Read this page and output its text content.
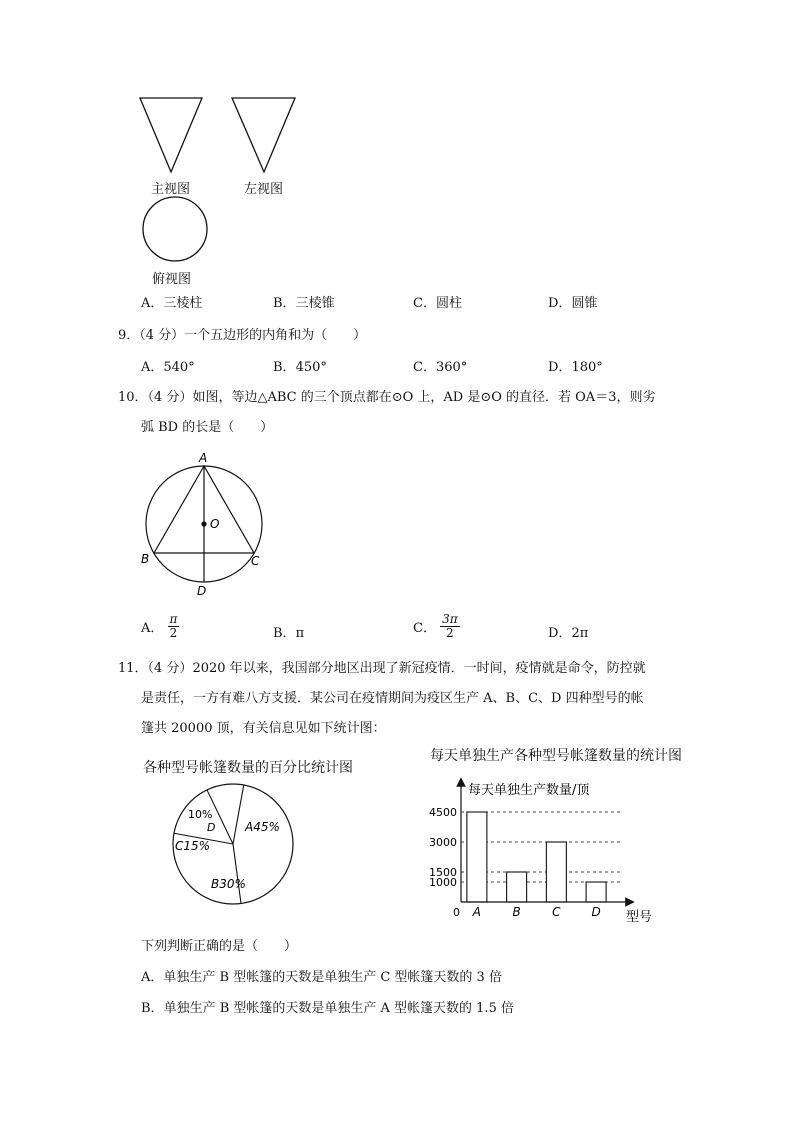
主视图	左视图
俯视图
A．三棱柱	B．三棱锥	C．圆柱	D．圆锥
9．（4 分）一个五边形的内角和为（　　）
A．540°	B．450°	C．360°	D．180°
10．（4 分）如图，等边△ABC 的三个顶点都在⊙O 上，AD 是⊙O 的直径．若 OA＝3，则劣
弧 BD 的长是（　　）
A
O
B	C
D
A． $\frac{\pi}{2}$	B．π	C． $\frac{3\pi}{2}$	D．2π
11．（4 分）2020 年以来，我国部分地区出现了新冠疫情．一时间，疫情就是命令，防控就
是责任，一方有难八方支援．某公司在疫情期间为疫区生产 A、B、C、D 四种型号的帐
篷共 20000 顶，有关信息见如下统计图：
各种型号帐篷数量的百分比统计图
A45%
B30%
C15%
10%
D
每天单独生产各种型号帐篷数量的统计图
1000
1500
3000
4500
A	B	C	D
每天单独生产数量/顶
型号
0
下列判断正确的是（　　）
A．单独生产 B 型帐篷的天数是单独生产 C 型帐篷天数的 3 倍
B．单独生产 B 型帐篷的天数是单独生产 A 型帐篷天数的 1.5 倍
